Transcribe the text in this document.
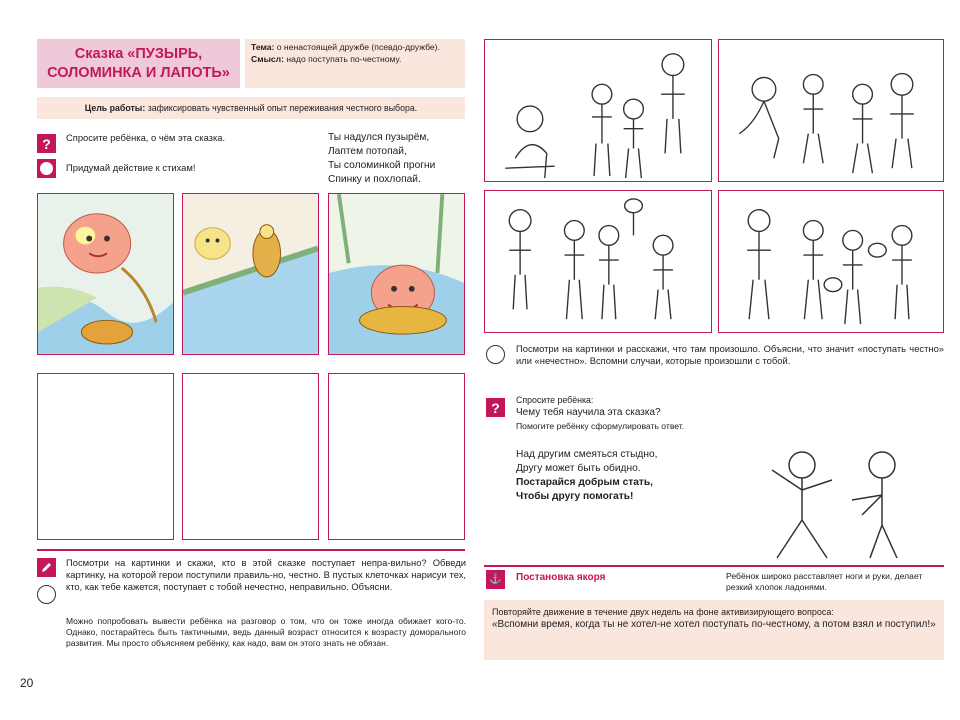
Сказка «ПУЗЫРЬ,
СОЛОМИНКА И ЛАПОТЬ»
Тема: о ненастоящей дружбе (псевдо-дружбе).
Смысл: надо поступать по-честному.
Цель работы: зафиксировать чувственный опыт переживания честного выбора.
?	Спросите ребёнка, о чём эта сказка.
Придумай действие к стихам!
Ты надулся пузырём,
Лаптем потопай,
Ты соломинкой прогни
Спинку и похлопай.
Посмотри на картинки и скажи, кто в этой сказке поступает непра-вильно? Обведи картинку, на которой герои поступили правиль-но, честно. В пустых клеточках нарисуи тех, кто, как тебе кажется, поступает с тобой нечестно, неправильно. Объясни.
Можно попробовать вывести ребёнка на разговор о том, что он тоже иногда обижает кого-то. Однако, постарайтесь быть тактичными, ведь данный возраст относится к возрасту доморального развития. Мы просто объясняем ребёнку, как надо, вам он этого знать не обязан.
20
Посмотри на картинки и расскажи, что там произошло. Объясни, что значит «поступать честно» или «нечестно». Вспомни случаи, которые произошли с тобой.
?	Спросите ребёнка:
Чему тебя научила эта сказка?
Помогите ребёнку сформулировать ответ.
Над другим смеяться стыдно,
Другу может быть обидно.
Постарайся добрым стать,
Чтобы другу помогать!
⚓	Постановка якоря	Ребёнок широко расставляет ноги и руки, делает резкий хлопок ладонями.
Повторяйте движение в течение двух недель на фоне активизирующего вопроса:
«Вспомни время, когда ты не хотел-не хотел поступать по-честному, а потом взял и поступил!»
